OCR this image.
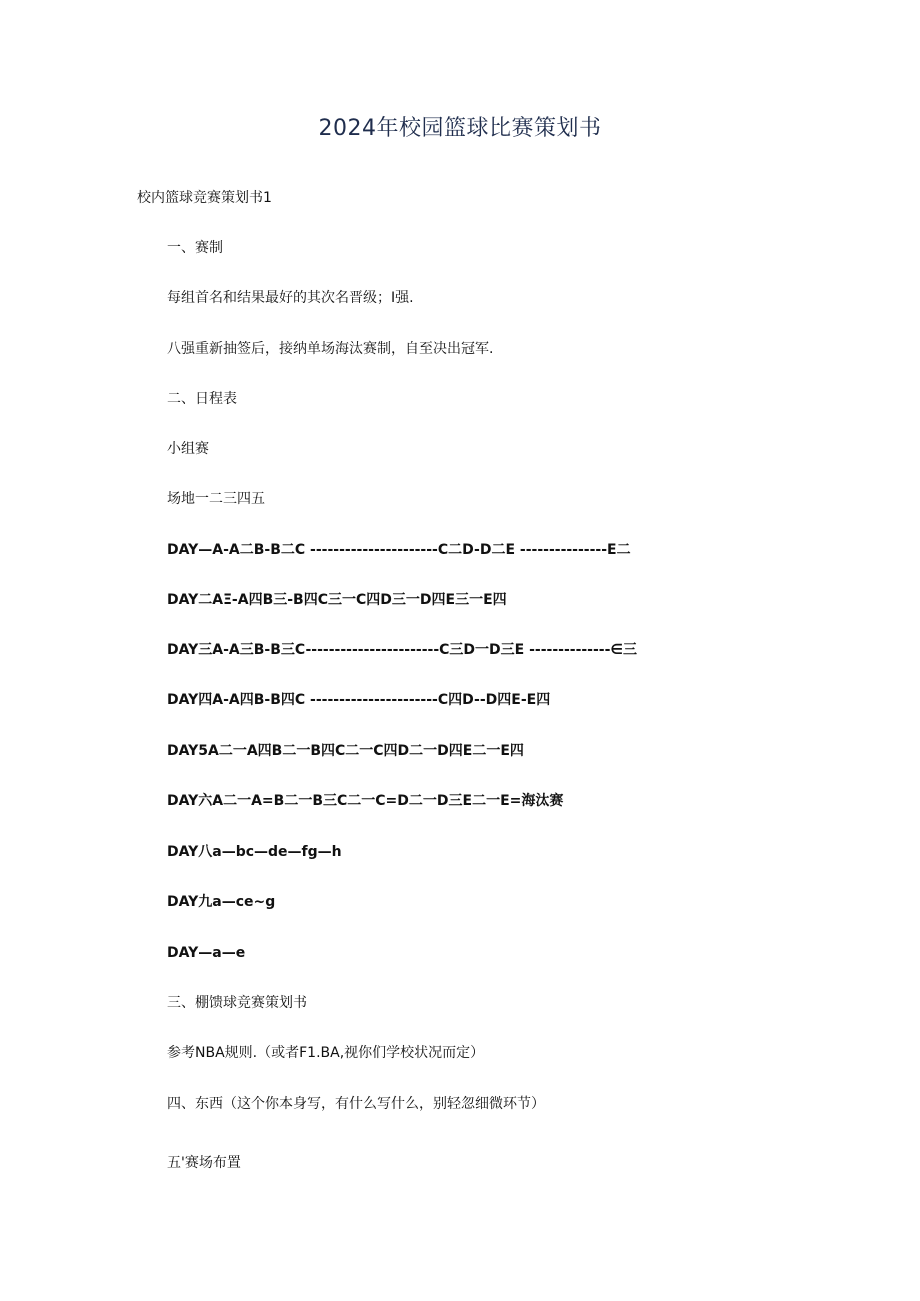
2024年校园篮球比赛策划书
校内篮球竞赛策划书1
一、赛制
每组首名和结果最好的其次名晋级；I强.
八强重新抽签后，接纳单场海汰赛制，自至决出冠军.
二、日程表
小组赛
场地一二三四五
DAY—A-A二B-B二C ----------------------C二D-D二E ---------------E二
DAY二AΞ-A四B三-B四C三一C四D三一D四E三一E四
DAY三A-A三B-B三C-----------------------C三D一D三E --------------∈三
DAY四A-A四B-B四C ----------------------C四D--D四E-E四
DAY5A二一A四B二一B四C二一C四D二一D四E二一E四
DAY六A二一A=B二一B三C二一C=D二一D三E二一E=海汰赛
DAY八a—bc—de—fg—h
DAY九a—ce~g
DAY—a—e
三、棚馈球竞赛策划书
参考NBA规则.（或者F1.BA,视你们学校状况而定）
四、东西（这个你本身写，有什么写什么，别轻忽细微环节）
五'赛场布置
